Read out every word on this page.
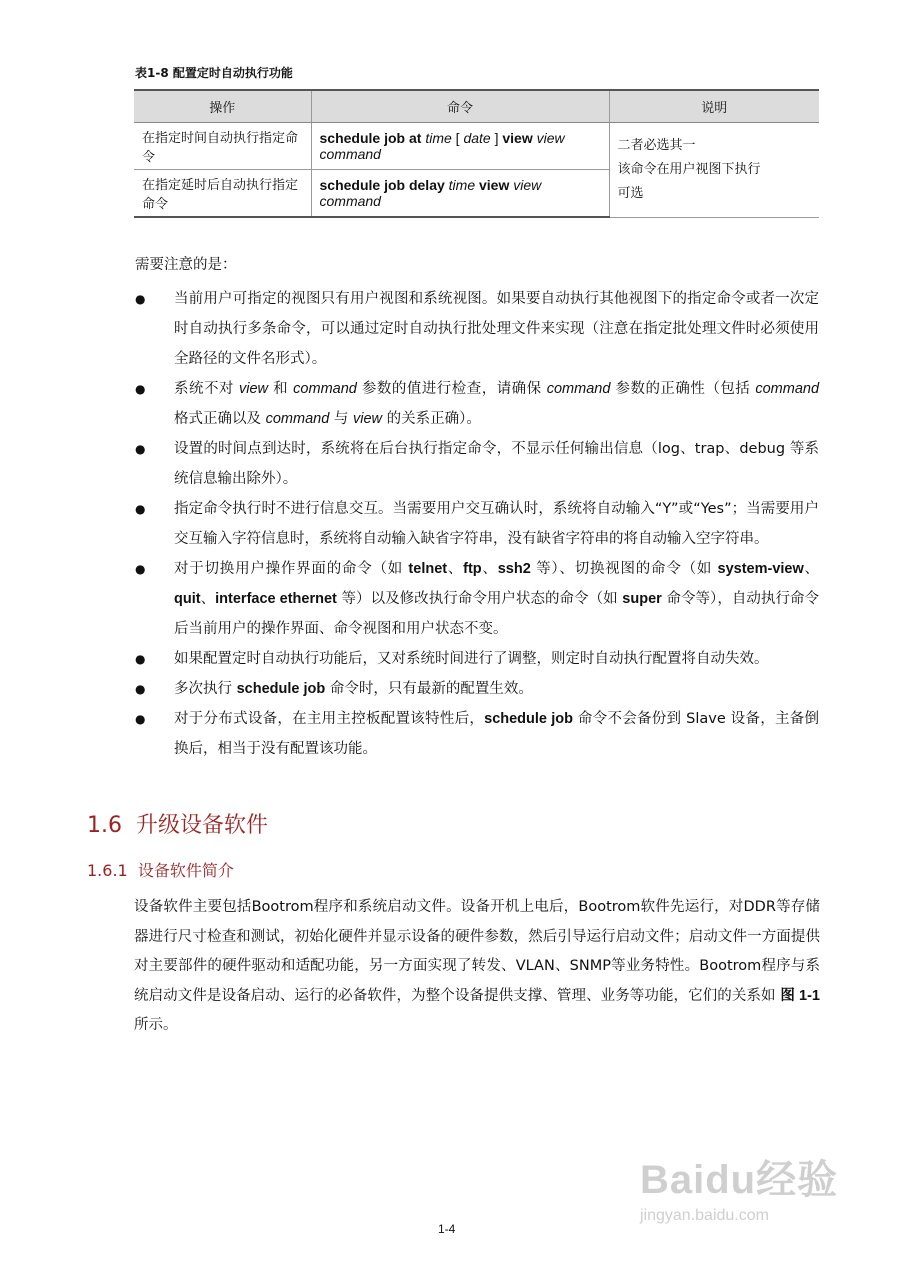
表1-8 配置定时自动执行功能
操作	命令	说明
在指定时间自动执行指定命令	schedule job at time [ date ] view view command	二者必选其一
该命令在用户视图下执行
可选

在指定延时后自动执行指定命令	schedule job delay time view view command	
需要注意的是：
● 当前用户可指定的视图只有用户视图和系统视图。如果要自动执行其他视图下的指定命令或者一次定时自动执行多条命令，可以通过定时自动执行批处理文件来实现（注意在指定批处理文件时必须使用全路径的文件名形式）。
● 系统不对 view 和 command 参数的值进行检查，请确保 command 参数的正确性（包括 command 格式正确以及 command 与 view 的关系正确）。
● 设置的时间点到达时，系统将在后台执行指定命令，不显示任何输出信息（log、trap、debug 等系统信息输出除外）。
● 指定命令执行时不进行信息交互。当需要用户交互确认时，系统将自动输入“Y”或“Yes”；当需要用户交互输入字符信息时，系统将自动输入缺省字符串，没有缺省字符串的将自动输入空字符串。
● 对于切换用户操作界面的命令（如 telnet、ftp、ssh2 等）、切换视图的命令（如 system-view、quit、interface ethernet 等）以及修改执行命令用户状态的命令（如 super 命令等），自动执行命令后当前用户的操作界面、命令视图和用户状态不变。
● 如果配置定时自动执行功能后，又对系统时间进行了调整，则定时自动执行配置将自动失效。
● 多次执行 schedule job 命令时，只有最新的配置生效。
● 对于分布式设备，在主用主控板配置该特性后，schedule job 命令不会备份到 Slave 设备，主备倒换后，相当于没有配置该功能。
1.6 升级设备软件
1.6.1 设备软件简介
设备软件主要包括Bootrom程序和系统启动文件。设备开机上电后，Bootrom软件先运行，对DDR等存储器进行尺寸检查和测试，初始化硬件并显示设备的硬件参数，然后引导运行启动文件；启动文件一方面提供对主要部件的硬件驱动和适配功能，另一方面实现了转发、VLAN、SNMP等业务特性。Bootrom程序与系统启动文件是设备启动、运行的必备软件，为整个设备提供支撑、管理、业务等功能，它们的关系如 图 1-1所示。
1-4
Baidu经验
jingyan.baidu.com
